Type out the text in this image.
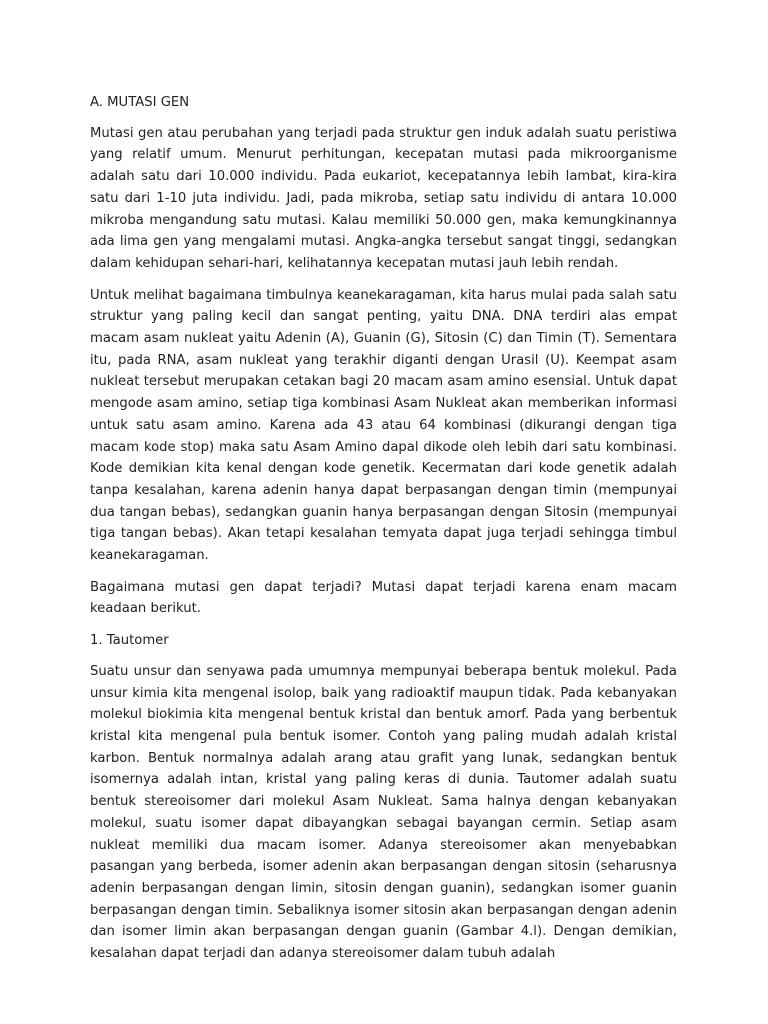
A. MUTASI GEN

Mutasi gen atau perubahan yang terjadi pada struktur gen induk adalah suatu peristiwa yang relatif umum. Menurut perhitungan, kecepatan mutasi pada mikroorganisme adalah satu dari 10.000 individu. Pada eukariot, kecepatannya lebih lambat, kira-kira satu dari 1-10 juta individu. Jadi, pada mikroba, setiap satu individu di antara 10.000 mikroba mengandung satu mutasi. Kalau memiliki 50.000 gen, maka kemungkinannya ada lima gen yang mengalami mutasi. Angka-angka tersebut sangat tinggi, sedangkan dalam kehidupan sehari-hari, kelihatannya kecepatan mutasi jauh lebih rendah.

Untuk melihat bagaimana timbulnya keanekaragaman, kita harus mulai pada salah satu struktur yang paling kecil dan sangat penting, yaitu DNA. DNA terdiri alas empat macam asam nukleat yaitu Adenin (A), Guanin (G), Sitosin (C) dan Timin (T). Sementara itu, pada RNA, asam nukleat yang terakhir diganti dengan Urasil (U). Keempat asam nukleat tersebut merupakan cetakan bagi 20 macam asam amino esensial. Untuk dapat mengode asam amino, setiap tiga kombinasi Asam Nukleat akan memberikan informasi untuk satu asam amino. Karena ada 43 atau 64 kombinasi (dikurangi dengan tiga macam kode stop) maka satu Asam Amino dapal dikode oleh lebih dari satu kombinasi. Kode demikian kita kenal dengan kode genetik. Kecermatan dari kode genetik adalah tanpa kesalahan, karena adenin hanya dapat berpasangan dengan timin (mempunyai dua tangan bebas), sedangkan guanin hanya berpasangan dengan Sitosin (mempunyai tiga tangan bebas). Akan tetapi kesalahan temyata dapat juga terjadi sehingga timbul keanekaragaman.

Bagaimana mutasi gen dapat terjadi? Mutasi dapat terjadi karena enam macam keadaan berikut.

1. Tautomer

Suatu unsur dan senyawa pada umumnya mempunyai beberapa bentuk molekul. Pada unsur kimia kita mengenal isolop, baik yang radioaktif maupun tidak. Pada kebanyakan molekul biokimia kita mengenal bentuk kristal dan bentuk amorf. Pada yang berbentuk kristal kita mengenal pula bentuk isomer. Contoh yang paling mudah adalah kristal karbon. Bentuk normalnya adalah arang atau grafit yang Iunak, sedangkan bentuk isomernya adalah intan, kristal yang paling keras di dunia. Tautomer adalah suatu bentuk stereoisomer dari molekul Asam Nukleat. Sama halnya dengan kebanyakan molekul, suatu isomer dapat dibayangkan sebagai bayangan cermin. Setiap asam nukleat memiliki dua macam isomer. Adanya stereoisomer akan menyebabkan pasangan yang berbeda, isomer adenin akan berpasangan dengan sitosin (seharusnya adenin berpasangan dengan limin, sitosin dengan guanin), sedangkan isomer guanin berpasangan dengan timin. Sebaliknya isomer sitosin akan berpasangan dengan adenin dan isomer limin akan berpasangan dengan guanin (Gambar 4.l). Dengan demikian, kesalahan dapat terjadi dan adanya stereoisomer dalam tubuh adalah
